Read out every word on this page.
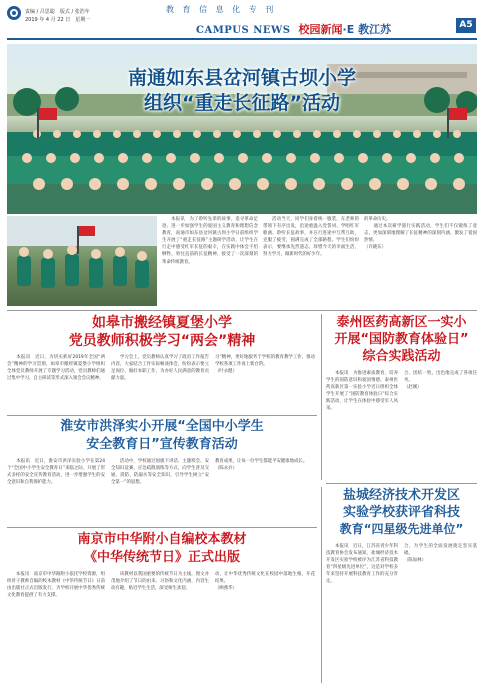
责编 / 吕思聪　版式 / 张浩年
2019 年 4 月 22 日　星期一
教 育 信 息 化 专 刊
CAMPUS NEWS 校园新闻·E 教江苏	A5
南通如东县岔河镇古坝小学
组织“重走长征路”活动
　　本报讯　为了聆听先辈的故事，追寻革命足迹，进一步加强学生的爱国主义教育和理想信念教育，南通市如东县岔河镇古坝小学日前组织学生开展了“重走长征路”主题研学活动，让学生在行走中感受红军长征的艰辛，在实践中体会不怕牺牲、勇往直前的长征精神，接受了一次深刻的革命传统教育。
　　活动当天，同学们身着统一服装，在老师的带领下有序出发，沿途重温入党誓词、学唱红军歌曲、聆听长征故事，并在行进途中互帮互助，克服了疲劳，圆满完成了全部路程。学生们纷纷表示，要继承先烈遗志，珍惜今天的幸福生活，努力学习，做新时代的好少年。
的革命历史。
　　通过本次研学旅行实践活动，学生们不仅锻炼了意志，更加深刻地理解了长征精神的深刻内涵，激发了爱国热情。
（许晓东）
如皋市搬经镇夏堡小学
党员教师积极学习“两会”精神
　　本报讯　近日，为切实抓好2019年全国“两会”精神的学习贯彻，如皋市搬经镇夏堡小学组织全体党员教师开展了专题学习活动，党员教师们通过集中学习、自主研读等形式深入领会会议精神。
　　学习会上，党员教师认真学习了政府工作报告内容，大家结合工作实际畅谈体会，纷纷表示要立足岗位、做好本职工作，为办好人民满意的教育贡献力量。
习”精神，更好地服务于学校的教育教学工作，推动学校各项工作再上新台阶。
（叶永健）
泰州医药高新区一实小
开展“国防教育体验日”
综合实践活动
　　本报讯　为推进素质教育，培养学生的国防意识和爱国情感，泰州医药高新区第一实验小学近日组织全体学生开展了“国防教育体验日”综合实践活动，让学生在体验中感受军人风采。
合、团结一致，出色地完成了各项任务。
（赵刚）
淮安市洪泽实小开展“全国中小学生
安全教育日”宣传教育活动
　　本报讯　近日，淮安市洪泽实验小学在第24个“全国中小学生安全教育日”来临之际，开展了形式多样的安全宣传教育活动，进一步增强学生的安全意识和自我保护能力。
　　活动中，学校通过国旗下讲话、主题班会、安全知识竞赛、应急疏散演练等方式，向学生普及交通、消防、防溺水等安全知识，引导学生树立“安全第一”的思想。
教育成果，让每一位学生都能平安健康地成长。
（陈永兵）
盐城经济技术开发区
实验学校获评省科技
教育“四星级先进单位”
　　本报讯　近日，江苏省青少年科技教育协会发布通知，盐城经济技术开发区实验学校被评为江苏省科技教育“四星级先进单位”，这是对学校多年来坚持开展科技教育工作的充分肯定。
合，为学生的全面发展奠定坚实基础。
（陈加林）
南京市中华附小自编校本教材
《中华传统节日》正式出版
　　本报讯　南京市中华路附小依托学校资源，组织骨干教师自编的校本教材《中华传统节日》日前由出版社正式出版发行，为学校开展中华优秀传统文化教育提供了有力支撑。
　　该教材以我国重要的传统节日为主线，图文并茂地介绍了节日的由来、习俗和文化内涵，内容生动有趣，贴近学生生活，深受师生欢迎。
动，让中华优秀传统文化在校园中落地生根、开花结果。
（顾燕华）
